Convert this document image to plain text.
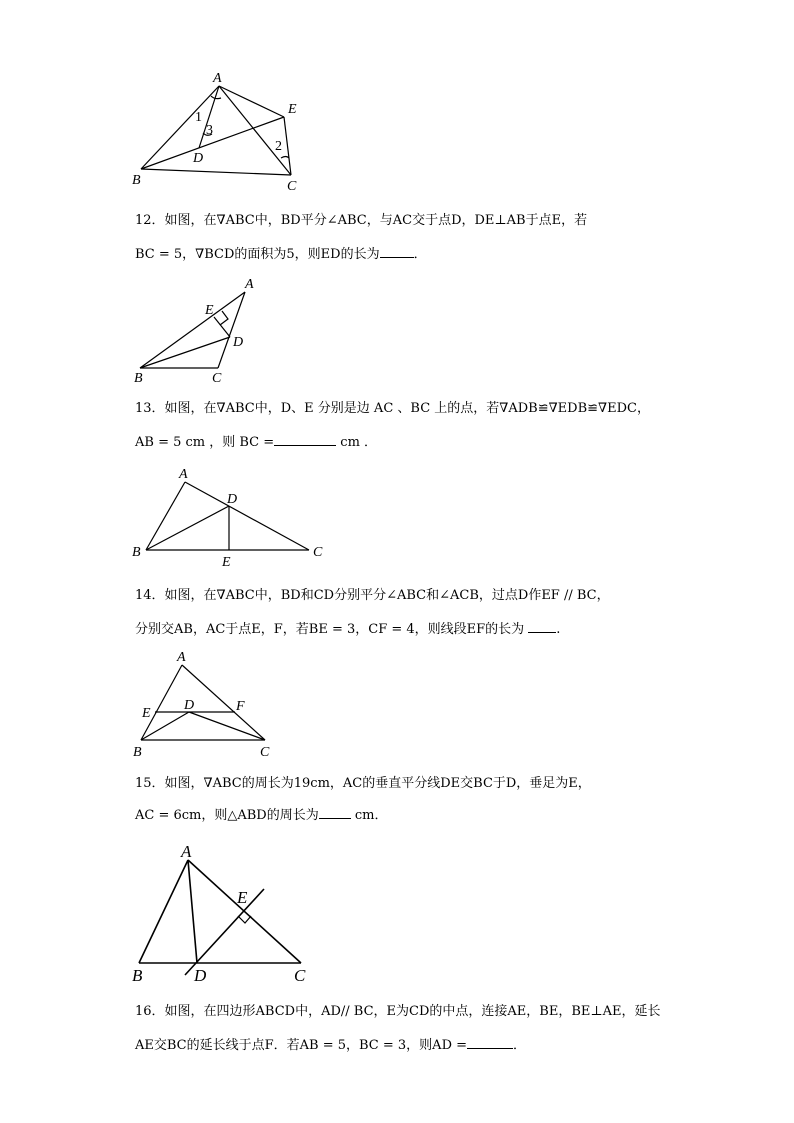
A
E
1
3
2
D
B	C
12．如图，在∇ABC中，BD平分∠ABC，与AC交于点D，DE⊥AB于点E，若
BC = 5，∇BCD的面积为5，则ED的长为	．
A
E
D
B	C
13．如图，在∇ABC中，D、E 分别是边 AC 、BC 上的点，若∇ADB≌∇EDB≌∇EDC，
AB = 5 cm ，则 BC =	cm ．
A
D
B
E
C
14．如图，在∇ABC中，BD和CD分别平分∠ABC和∠ACB，过点D作EF // BC，
分别交AB，AC于点E，F，若BE = 3，CF = 4，则线段EF的长为 .
A
E
D	F
B	C
15．如图，∇ABC的周长为19cm，AC的垂直平分线DE交BC于D，垂足为E，
AC = 6cm，则△ABD的周长为 cm．
A
E
B	D	C
16．如图，在四边形ABCD中，AD// BC，E为CD的中点，连接AE，BE，BE⊥AE，延长
AE交BC的延长线于点F．若AB = 5，BC = 3，则AD =	．
